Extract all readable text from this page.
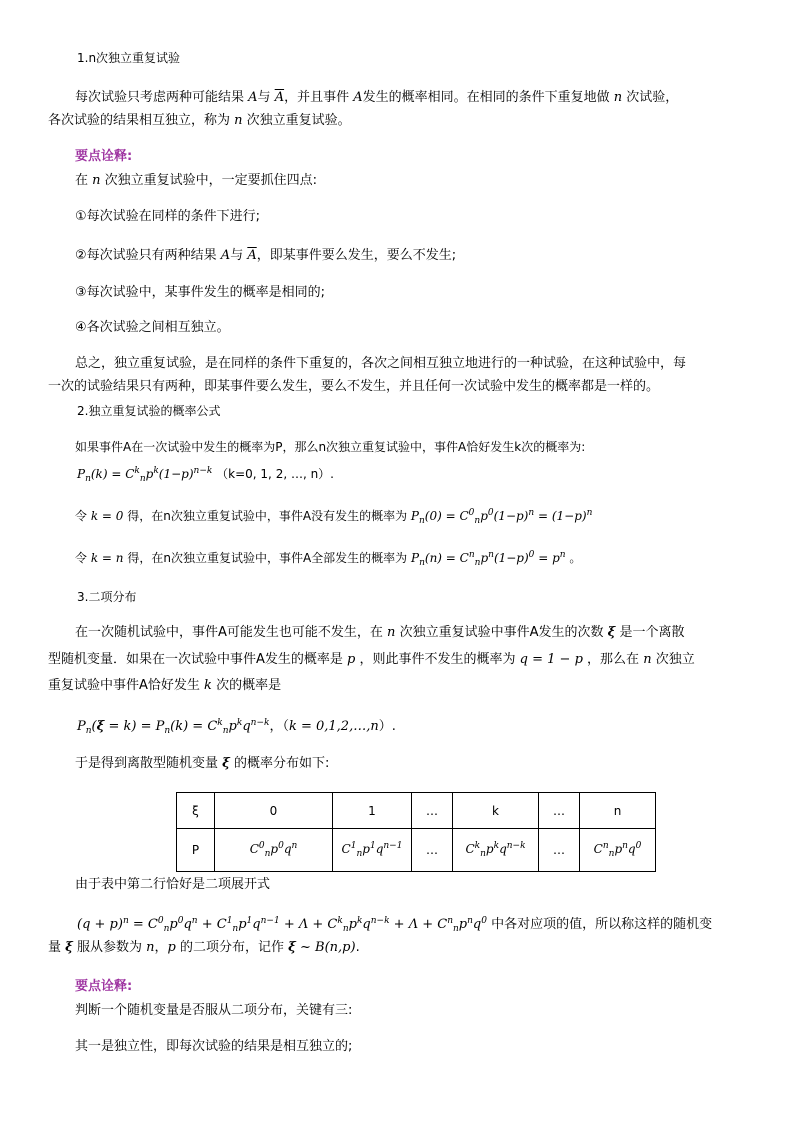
1.n次独立重复试验
每次试验只考虑两种可能结果 A与 $\overline{A}$，并且事件 A发生的概率相同。在相同的条件下重复地做 n 次试验，
各次试验的结果相互独立，称为 n 次独立重复试验。
要点诠释:
在 n 次独立重复试验中，一定要抓住四点:
①每次试验在同样的条件下进行;
②每次试验只有两种结果 A与 $\overline{A}$，即某事件要么发生，要么不发生;
③每次试验中，某事件发生的概率是相同的;
④各次试验之间相互独立。
总之，独立重复试验，是在同样的条件下重复的，各次之间相互独立地进行的一种试验，在这种试验中，每
一次的试验结果只有两种，即某事件要么发生，要么不发生，并且任何一次试验中发生的概率都是一样的。
2.独立重复试验的概率公式
如果事件A在一次试验中发生的概率为P，那么n次独立重复试验中，事件A恰好发生k次的概率为:
$P_n(k) = C^k_np^k(1-p)^{n-k}$ （k=0, 1, 2, …, n）.
令 k = 0 得，在n次独立重复试验中，事件A没有发生的概率为 $P_n(0) = C^0_np^0(1-p)^n = (1-p)^n$
令 k = n 得，在n次独立重复试验中，事件A全部发生的概率为 $P_n(n) = C^n_np^n(1-p)^0 = p^n$ 。
3.二项分布
在一次随机试验中，事件A可能发生也可能不发生，在 n 次独立重复试验中事件A发生的次数 ξ 是一个离散
型随机变量．如果在一次试验中事件A发生的概率是 p ，则此事件不发生的概率为 q = 1 − p ，那么在 n 次独立
重复试验中事件A恰好发生 k 次的概率是
$P_n(\xi = k) = P_n(k) = C^k_np^kq^{n-k}$，（k = 0,1,2,…,n）.
于是得到离散型随机变量 ξ 的概率分布如下:
ξ	0	1	…	k	…	n
P	$C^0_np^0q^n$	$C^1_np^1q^{n-1}$	…	$C^k_np^kq^{n-k}$	…	$C^n_np^nq^0$
由于表中第二行恰好是二项展开式
$(q + p)^n = C^0_np^0q^n + C^1_np^1q^{n-1} + \Lambda + C^k_np^kq^{n-k} + \Lambda + C^n_np^nq^0$ 中各对应项的值，所以称这样的随机变
量 ξ 服从参数为 n，p 的二项分布，记作 ξ ~ B(n,p).
要点诠释:
判断一个随机变量是否服从二项分布，关键有三:
其一是独立性，即每次试验的结果是相互独立的;
